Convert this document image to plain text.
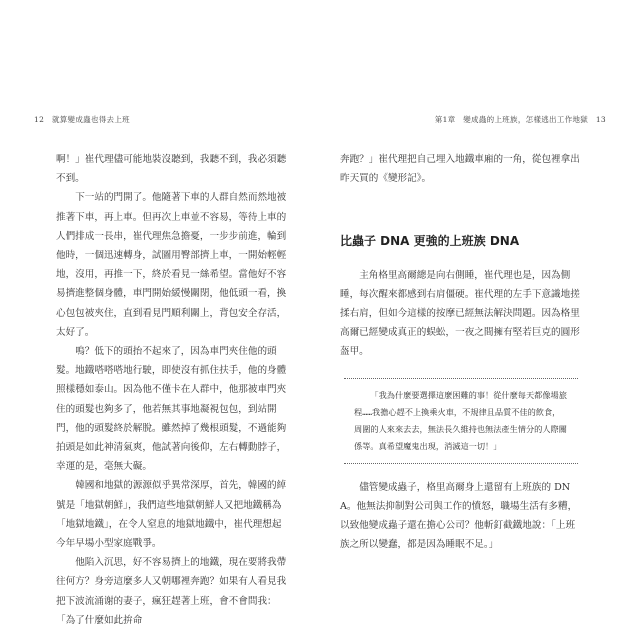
12　就算變成蟲也得去上班	第1章　變成蟲的上班族，怎樣逃出工作地獄　13

啊！」崔代理儘可能地裝沒聽到，我聽不到，我必須聽不到。

下一站的門開了。他隨著下車的人群自然而然地被推著下車，再上車。但再次上車並不容易，等待上車的人們排成一長串，崔代理焦急擔憂，一步步前進，輪到他時，一個迅速轉身，試圖用臀部擠上車，一開始輕輕地，沒用，再推一下，終於看見一絲希望。當他好不容易擠進整個身體，車門開始緩慢關閉，他低頭一看，換心包包被夾住，直到看見門順利關上，背包安全存活，太好了。

嗚？低下的頭抬不起來了，因為車門夾住他的頭髮。地鐵嗒嗒嗒地行駛，即使沒有抓住扶手，他的身體照樣穩如泰山。因為他不僅卡在人群中，他那被車門夾住的頭髮也夠多了，他若無其事地凝視包包，到站開門，他的頭髮終於解脫。雖然掉了幾根頭髮，不過能夠拍頭是如此神清氣爽，他試著向後仰，左右轉動脖子，幸運的是，毫無大礙。

韓國和地獄的源源似乎異常深厚，首先，韓國的綽號是「地獄朝鮮」，我們這些地獄朝鮮人又把地鐵稱為「地獄地鐵」，在令人窒息的地獄地鐵中，崔代理想起今年早場小型家庭戰爭。

他陷入沉思，好不容易擠上的地鐵，現在要將我帶往何方？身旁這麼多人又朝哪裡奔跑？如果有人看見我把下波流涌谢的妻子，瘋狂趕著上班，會不會問我：「為了什麼如此拚命

奔跑？」崔代理把自己埋入地鐵車廂的一角，從包裡拿出昨天買的《變形記》。

比蟲子 DNA 更強的上班族 DNA

主角格里高爾總是向右側睡，崔代理也是，因為側睡，每次醒來都感到右肩僵硬。崔代理的左手下意識地搓揉右肩，但如今這樣的按摩已經無法解決問題。因為格里高爾已經變成真正的蜈蚣，一夜之間擁有堅若巨克的圓形盔甲。

「我為什麼要選擇這麼困難的事！從什麼每天都像場旅程……我擔心趕不上換乘火車，不規律且品質不佳的飲食，周圍的人來來去去，無法長久維持也無法產生情分的人際關係等。真希望魔鬼出現，消滅這一切！」

儘管變成蟲子，格里高爾身上還留有上班族的 DNA。他無法抑制對公司與工作的憤怒，職場生活有多糟，以致他變成蟲子還在擔心公司？他斬釘截鐵地說：「上班族之所以變蠢，都是因為睡眠不足。」
